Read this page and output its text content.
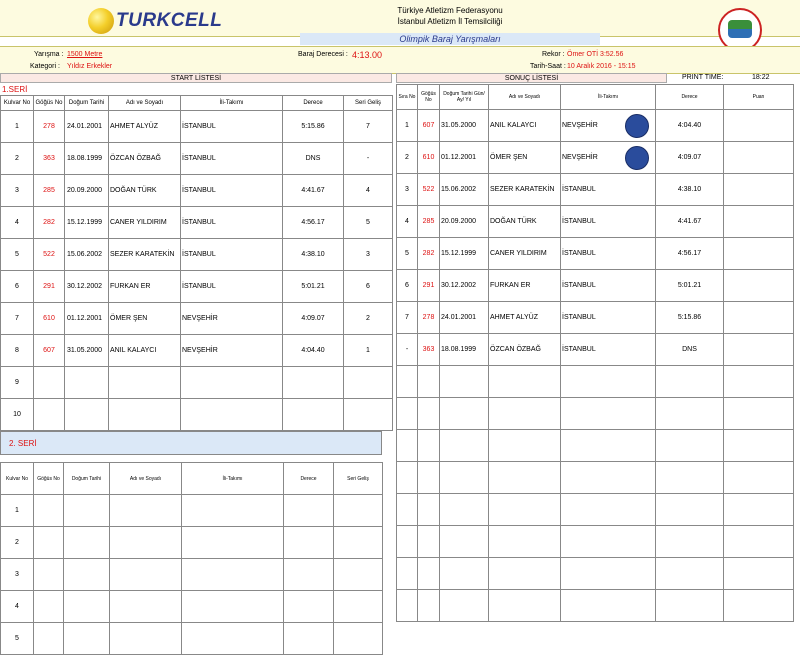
TURKCELL	Türkiye Atletizm Federasyonu
İstanbul Atletizm İl Temsilciliği
Olimpik Baraj Yarışmaları
Yarışma : 1500 Metre
Kategori : Yıldız Erkekler
Baraj Derecesi : 4:13.00	Rekor : Ömer OTİ 3:52.56
Tarih-Saat : 10 Aralık 2016 - 15:15
START LİSTESİ
1.SERİ
Kulvar No	Göğüs No	Doğum Tarihi	Adı ve Soyadı	İli-Takımı	Derece	Seri Geliş
1	278	24.01.2001	AHMET ALYÜZ	İSTANBUL	5:15.86	7
2	363	18.08.1999	ÖZCAN ÖZBAĞ	İSTANBUL	DNS	-
3	285	20.09.2000	DOĞAN TÜRK	İSTANBUL	4:41.67	4
4	282	15.12.1999	CANER YILDIRIM	İSTANBUL	4:56.17	5
5	522	15.06.2002	SEZER KARATEKİN	İSTANBUL	4:38.10	3
6	291	30.12.2002	FURKAN ER	İSTANBUL	5:01.21	6
7	610	01.12.2001	ÖMER ŞEN	NEVŞEHİR	4:09.07	2
8	607	31.05.2000	ANIL KALAYCI	NEVŞEHİR	4:04.40	1
9						
10						
2. SERİ
Kulvar No	Göğüs No	Doğum Tarihi	Adı ve Soyadı	İli-Takımı	Derece	Seri Geliş
1						
2						
3						
4						
5						
SONUÇ LİSTESİ	PRINT TIME:	18:22
Sıra No	Göğüs No	Doğum Tarihi Gün/ Ay/ Yıl	Adı ve Soyadı	İli-Takımı	Derece	Puan
1	607	31.05.2000	ANIL KALAYCI	NEVŞEHİR	4:04.40	
2	610	01.12.2001	ÖMER ŞEN	NEVŞEHİR	4:09.07	
3	522	15.06.2002	SEZER KARATEKİN	İSTANBUL	4:38.10	
4	285	20.09.2000	DOĞAN TÜRK	İSTANBUL	4:41.67	
5	282	15.12.1999	CANER YILDIRIM	İSTANBUL	4:56.17	
6	291	30.12.2002	FURKAN ER	İSTANBUL	5:01.21	
7	278	24.01.2001	AHMET ALYÜZ	İSTANBUL	5:15.86	
-	363	18.08.1999	ÖZCAN ÖZBAĞ	İSTANBUL	DNS	
